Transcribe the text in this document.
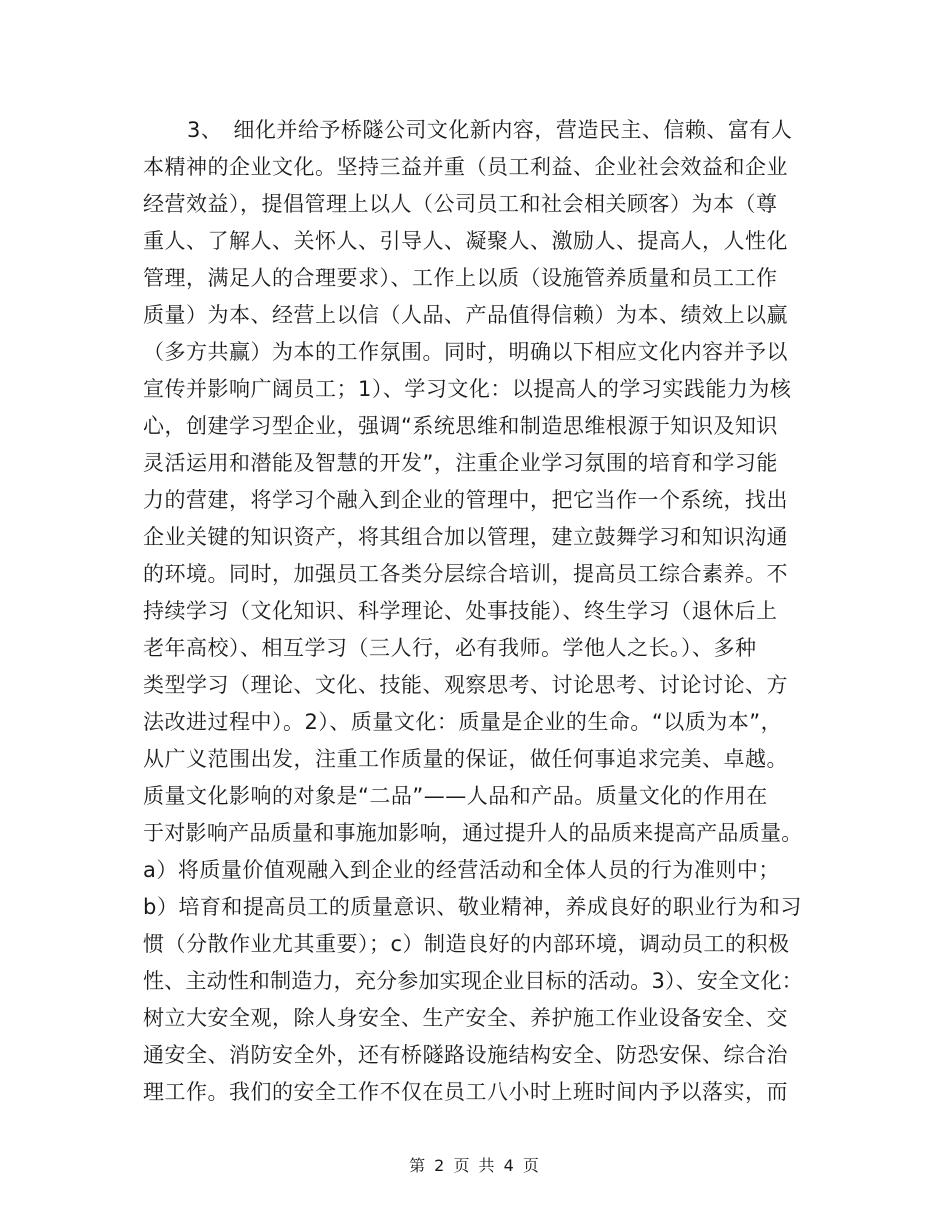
3、　细化并给予桥隧公司文化新内容，营造民主、信赖、富有人
本精神的企业文化。坚持三益并重（员工利益、企业社会效益和企业
经营效益），提倡管理上以人（公司员工和社会相关顾客）为本（尊
重人、了解人、关怀人、引导人、凝聚人、激励人、提高人，人性化
管理，满足人的合理要求）、工作上以质（设施管养质量和员工工作
质量）为本、经营上以信（人品、产品值得信赖）为本、绩效上以赢
（多方共赢）为本的工作氛围。同时，明确以下相应文化内容并予以
宣传并影响广阔员工；1）、学习文化：以提高人的学习实践能力为核
心，创建学习型企业，强调“系统思维和制造思维根源于知识及知识
灵活运用和潜能及智慧的开发”，注重企业学习氛围的培育和学习能
力的营建，将学习个融入到企业的管理中，把它当作一个系统，找出
企业关键的知识资产，将其组合加以管理，建立鼓舞学习和知识沟通
的环境。同时，加强员工各类分层综合培训，提高员工综合素养。不
持续学习（文化知识、科学理论、处事技能）、终生学习（退休后上
老年高校）、相互学习（三人行，必有我师。学他人之长。）、多种
类型学习（理论、文化、技能、观察思考、讨论思考、讨论讨论、方
法改进过程中）。2）、质量文化：质量是企业的生命。“以质为本”，
从广义范围出发，注重工作质量的保证，做任何事追求完美、卓越。
质量文化影响的对象是“二品”——人品和产品。质量文化的作用在
于对影响产品质量和事施加影响，通过提升人的品质来提高产品质量。
a）将质量价值观融入到企业的经营活动和全体人员的行为准则中；
b）培育和提高员工的质量意识、敬业精神，养成良好的职业行为和习
惯（分散作业尤其重要）；c）制造良好的内部环境，调动员工的积极
性、主动性和制造力，充分参加实现企业目标的活动。3）、安全文化：
树立大安全观，除人身安全、生产安全、养护施工作业设备安全、交
通安全、消防安全外，还有桥隧路设施结构安全、防恐安保、综合治
理工作。我们的安全工作不仅在员工八小时上班时间内予以落实，而
第 2 页 共 4 页
